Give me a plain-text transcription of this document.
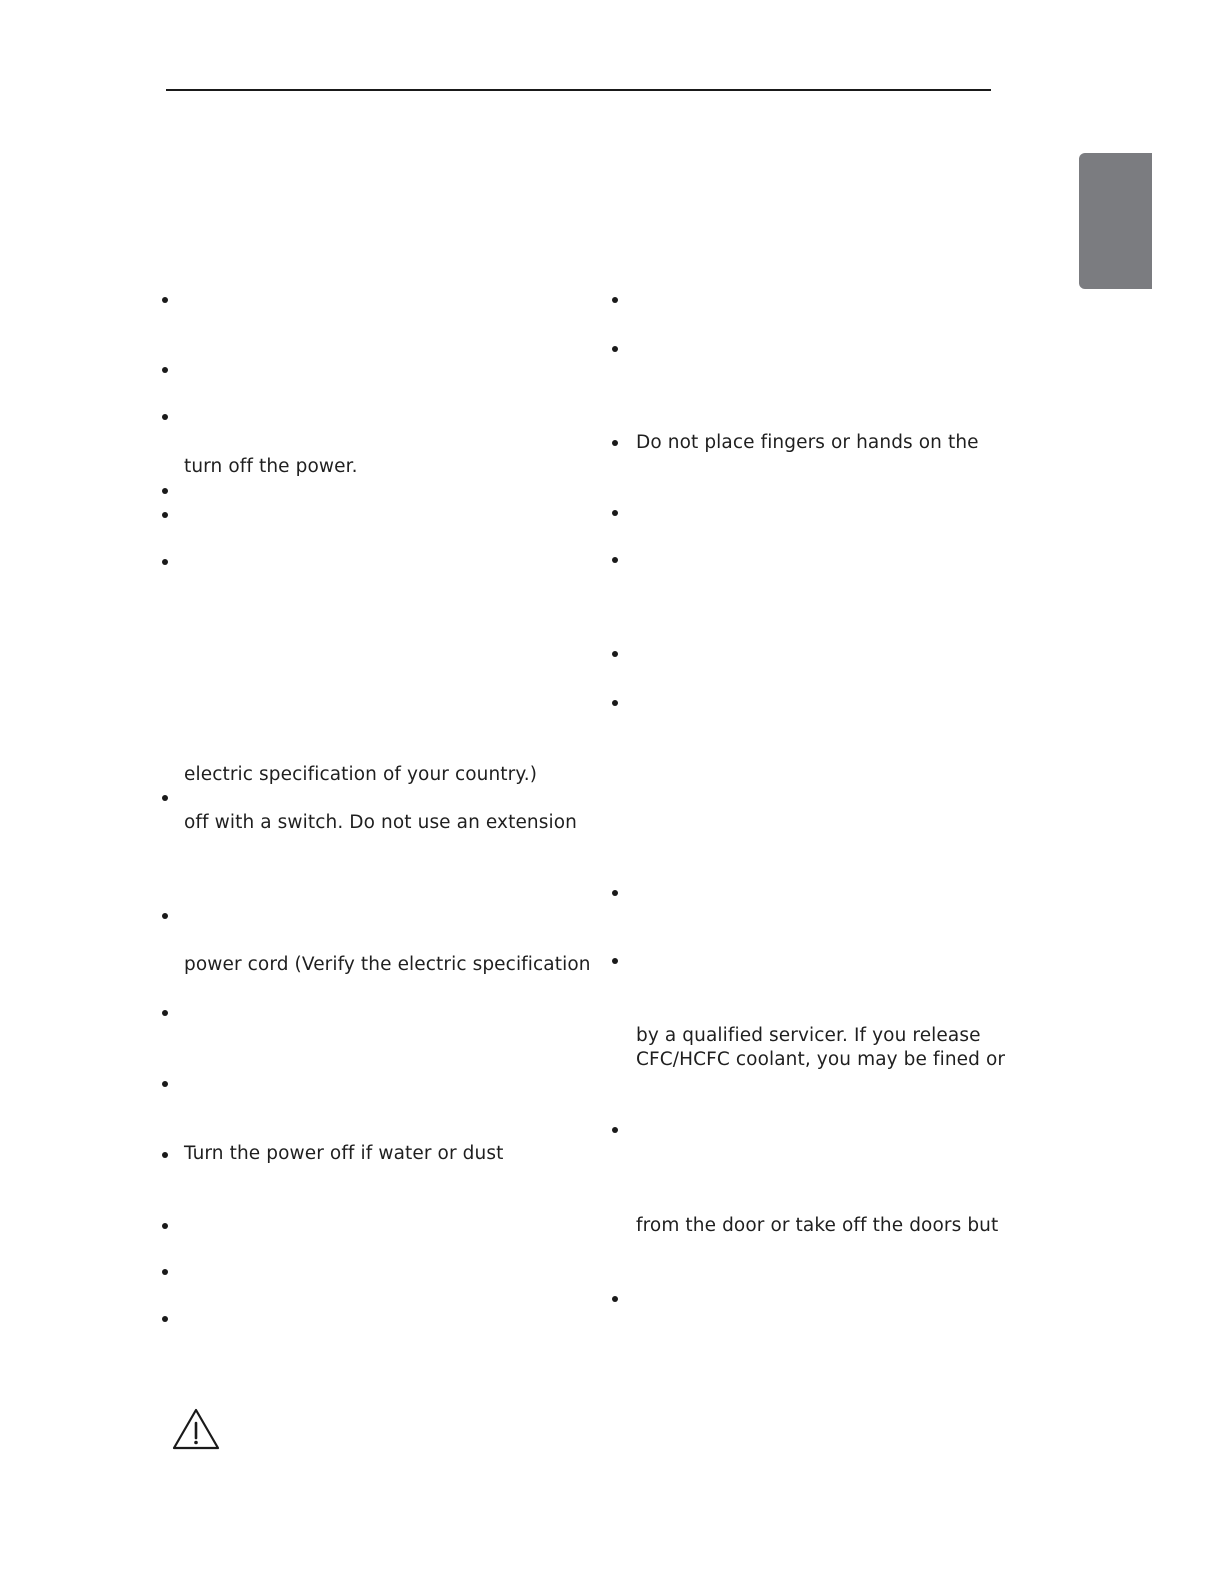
turn off the power.
electric specification of your country.)
off with a switch. Do not use an extension
power cord (Verify the electric specification
Turn the power off if water or dust
Do not place fingers or hands on the
by a qualified servicer. If you release
CFC/HCFC coolant, you may be fined or
from the door or take off the doors but
